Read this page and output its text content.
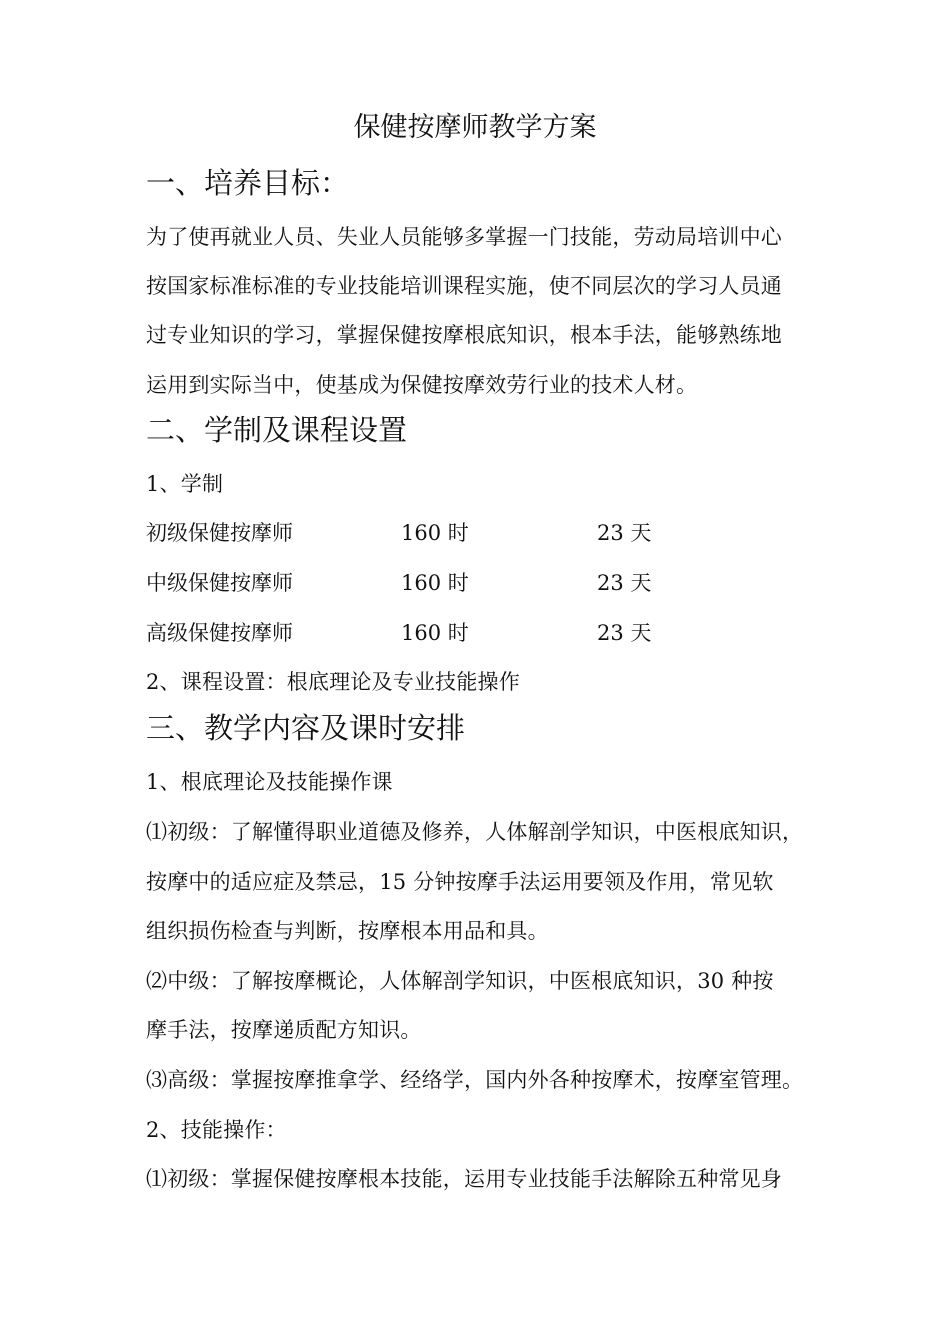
保健按摩师教学方案
一、培养目标：
为了使再就业人员、失业人员能够多掌握一门技能，劳动局培训中心
按国家标准标准的专业技能培训课程实施，使不同层次的学习人员通
过专业知识的学习，掌握保健按摩根底知识，根本手法，能够熟练地
运用到实际当中，使基成为保健按摩效劳行业的技术人材。
二、学制及课程设置
1、学制
初级保健按摩师	160 时	23 天
中级保健按摩师	160 时	23 天
高级保健按摩师	160 时	23 天
2、课程设置：根底理论及专业技能操作
三、教学内容及课时安排
1、根底理论及技能操作课
⑴初级：了解懂得职业道德及修养，人体解剖学知识，中医根底知识，
按摩中的适应症及禁忌，15 分钟按摩手法运用要领及作用，常见软
组织损伤检查与判断，按摩根本用品和具。
⑵中级：了解按摩概论，人体解剖学知识，中医根底知识，30 种按
摩手法，按摩递质配方知识。
⑶高级：掌握按摩推拿学、经络学，国内外各种按摩术，按摩室管理。
2、技能操作：
⑴初级：掌握保健按摩根本技能，运用专业技能手法解除五种常见身
